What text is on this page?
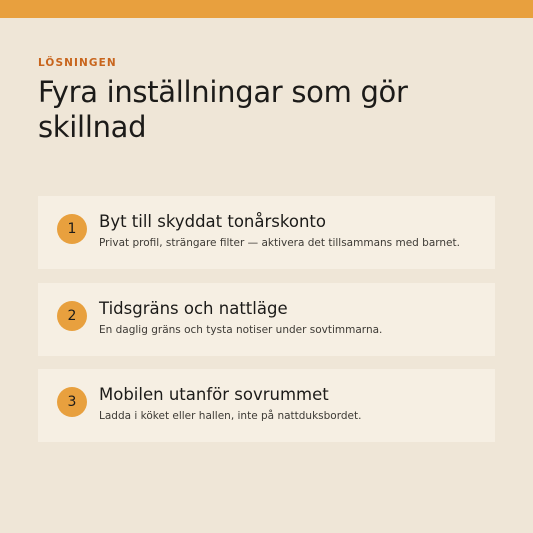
LÖSNINGEN
Fyra inställningar som gör skillnad
1	Byt till skyddat tonårskonto
Privat profil, strängare filter — aktivera det tillsammans med barnet.
2	Tidsgräns och nattläge
En daglig gräns och tysta notiser under sovtimmarna.
3	Mobilen utanför sovrummet
Ladda i köket eller hallen, inte på nattduksbordet.
